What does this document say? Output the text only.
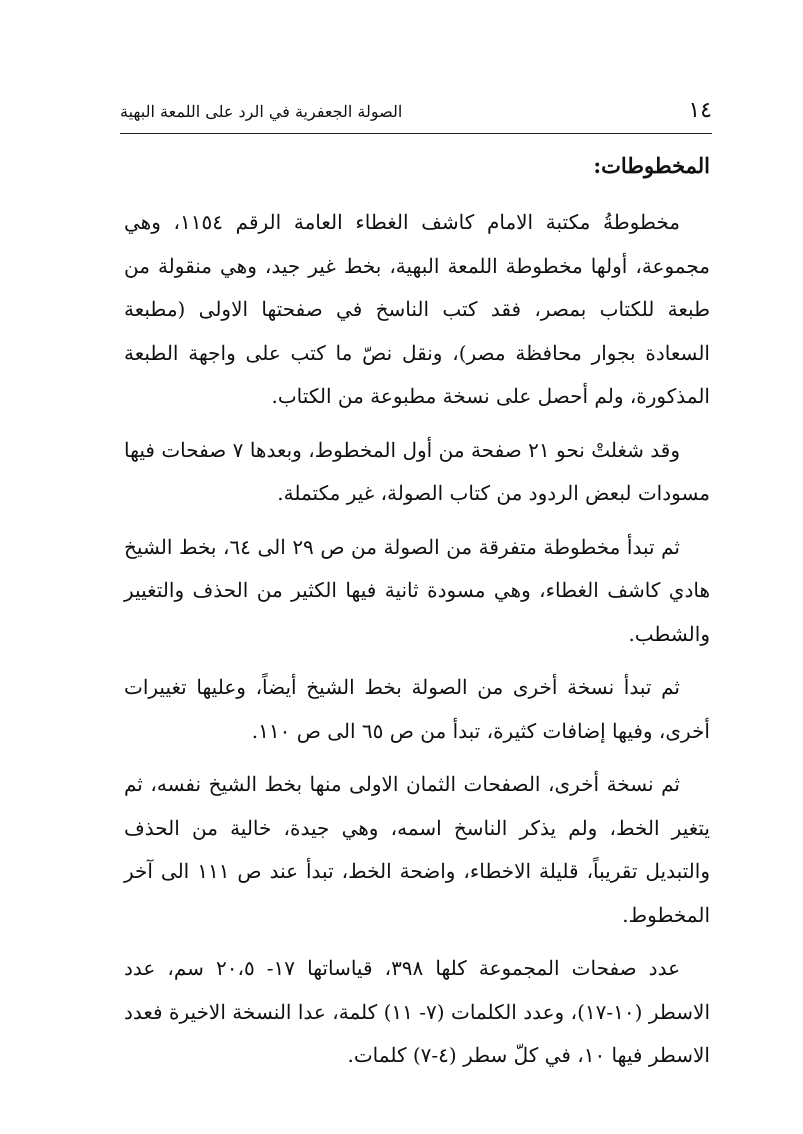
١٤
الصولة الجعفرية في الرد على اللمعة البهية

المخطوطات:

مخطوطةُ مكتبة الامام كاشف الغطاء العامة الرقم ١١٥٤، وهي مجموعة، أولها مخطوطة اللمعة البهية، بخط غير جيد، وهي منقولة من طبعة للكتاب بمصر، فقد كتب الناسخ في صفحتها الاولى (مطبعة السعادة بجوار محافظة مصر)، ونقل نصّ ما كتب على واجهة الطبعة المذكورة، ولم أحصل على نسخة مطبوعة من الكتاب.

وقد شغلتْ نحو ٢١ صفحة من أول المخطوط، وبعدها ٧ صفحات فيها مسودات لبعض الردود من كتاب الصولة، غير مكتملة.

ثم تبدأ مخطوطة متفرقة من الصولة من ص ٢٩ الى ٦٤، بخط الشيخ هادي كاشف الغطاء، وهي مسودة ثانية فيها الكثير من الحذف والتغيير والشطب.

ثم تبدأ نسخة أخرى من الصولة بخط الشيخ أيضاً، وعليها تغييرات أخرى، وفيها إضافات كثيرة، تبدأ من ص ٦٥ الى ص ١١٠.

ثم نسخة أخرى، الصفحات الثمان الاولى منها بخط الشيخ نفسه، ثم يتغير الخط، ولم يذكر الناسخ اسمه، وهي جيدة، خالية من الحذف والتبديل تقريباً، قليلة الاخطاء، واضحة الخط، تبدأ عند ص ١١١ الى آخر المخطوط.

عدد صفحات المجموعة كلها ٣٩٨، قياساتها ١٧- ٢٠،٥ سم، عدد الاسطر (١٠-١٧)، وعدد الكلمات (٧- ١١) كلمة، عدا النسخة الاخيرة فعدد الاسطر فيها ١٠، في كلّ سطر (٤-٧) كلمات.
